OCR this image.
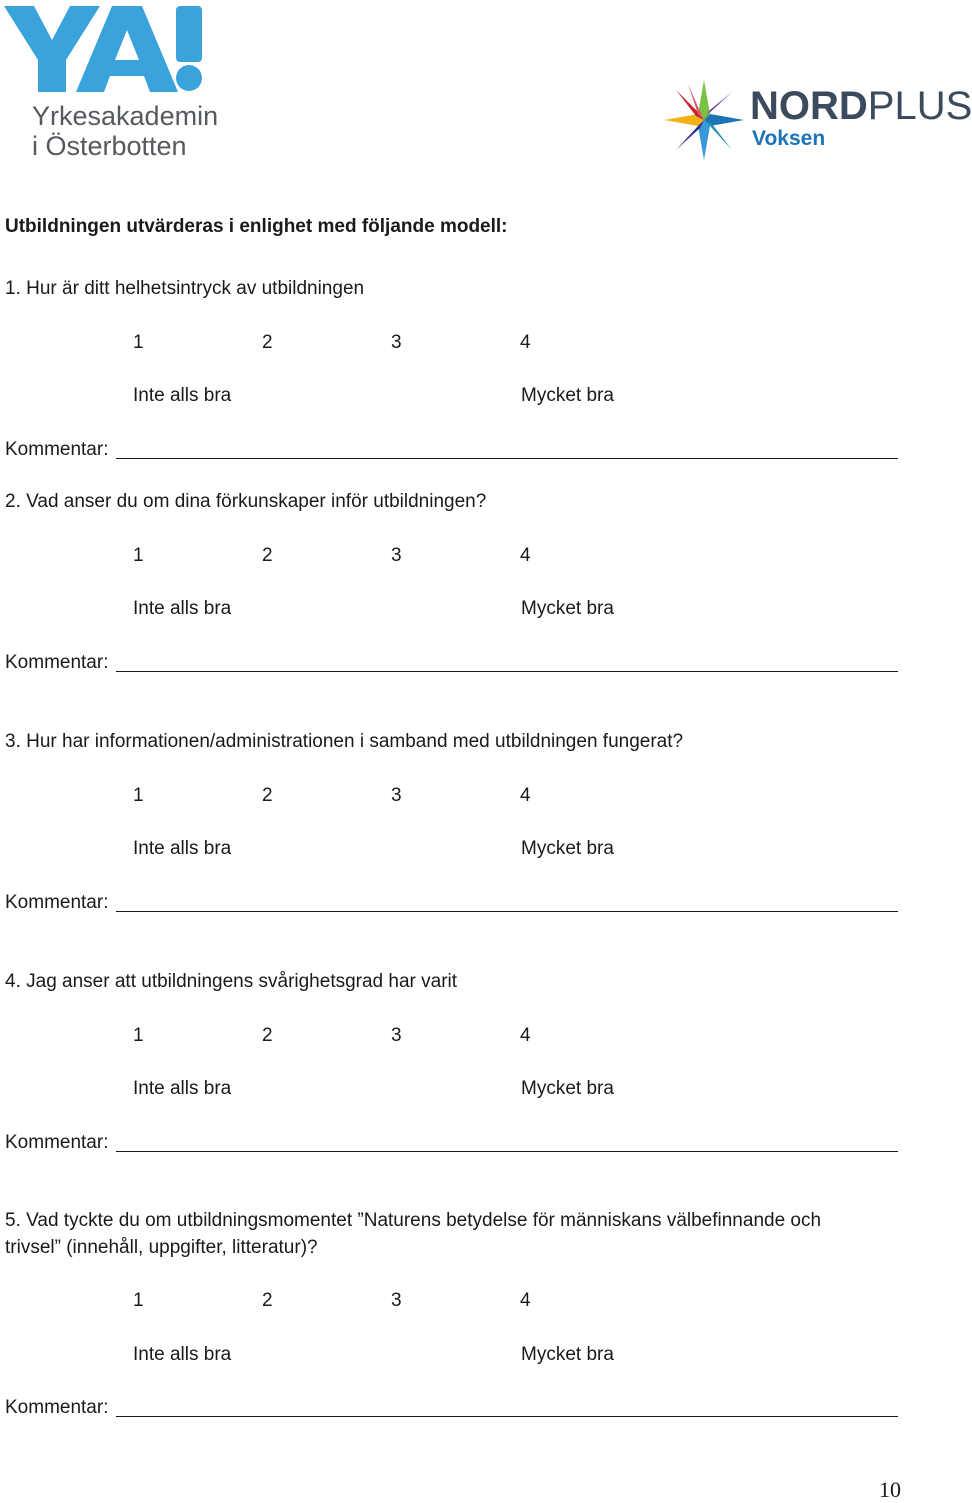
Yrkesakademin
i Österbotten
NORDPLUS
Voksen
Utbildningen utvärderas i enlighet med följande modell:
1. Hur är ditt helhetsintryck av utbildningen
1	2	3	4
Inte alls bra	Mycket bra
Kommentar:
2. Vad anser du om dina förkunskaper inför utbildningen?
1	2	3	4
Inte alls bra	Mycket bra
Kommentar:
3. Hur har informationen/administrationen i samband med utbildningen fungerat?
1	2	3	4
Inte alls bra	Mycket bra
Kommentar:
4. Jag anser att utbildningens svårighetsgrad har varit
1	2	3	4
Inte alls bra	Mycket bra
Kommentar:
5. Vad tyckte du om utbildningsmomentet ”Naturens betydelse för människans välbefinnande och
trivsel” (innehåll, uppgifter, litteratur)?
1	2	3	4
Inte alls bra	Mycket bra
Kommentar:
10
